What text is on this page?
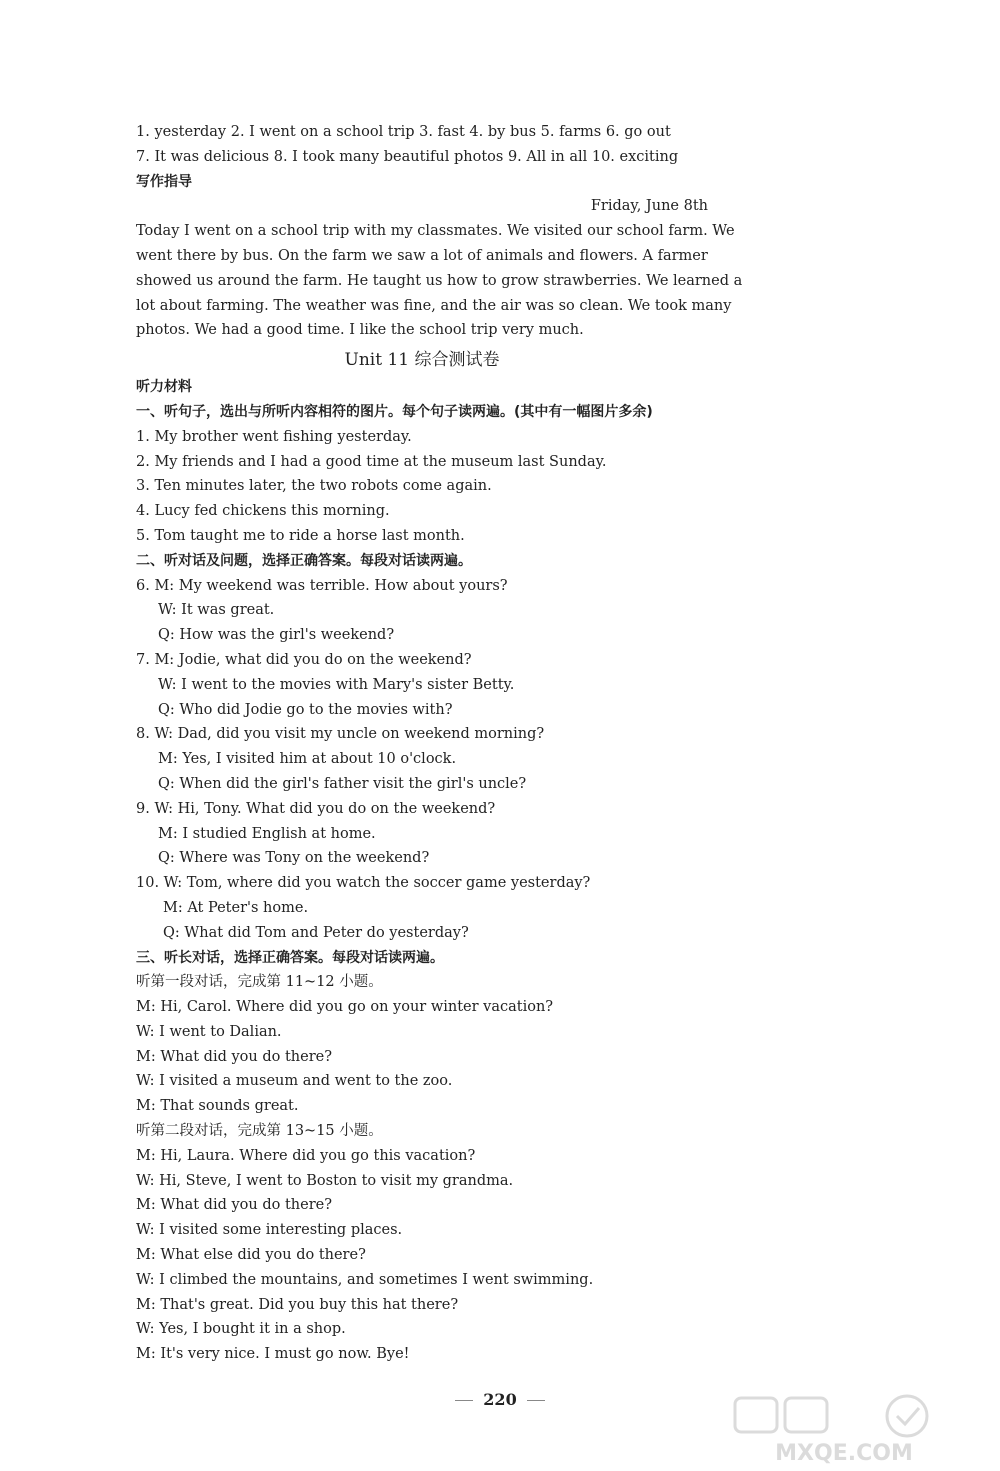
1. yesterday 2. I went on a school trip 3. fast 4. by bus 5. farms 6. go out
7. It was delicious 8. I took many beautiful photos 9. All in all 10. exciting
写作指导
Friday, June 8th
Today I went on a school trip with my classmates. We visited our school farm. We
went there by bus. On the farm we saw a lot of animals and flowers. A farmer
showed us around the farm. He taught us how to grow strawberries. We learned a
lot about farming. The weather was fine, and the air was so clean. We took many
photos. We had a good time. I like the school trip very much.
Unit 11 综合测试卷
听力材料
一、听句子，选出与所听内容相符的图片。每个句子读两遍。(其中有一幅图片多余)
1. My brother went fishing yesterday.
2. My friends and I had a good time at the museum last Sunday.
3. Ten minutes later, the two robots come again.
4. Lucy fed chickens this morning.
5. Tom taught me to ride a horse last month.
二、听对话及问题，选择正确答案。每段对话读两遍。
6. M: My weekend was terrible. How about yours?
W: It was great.
Q: How was the girl's weekend?
7. M: Jodie, what did you do on the weekend?
W: I went to the movies with Mary's sister Betty.
Q: Who did Jodie go to the movies with?
8. W: Dad, did you visit my uncle on weekend morning?
M: Yes, I visited him at about 10 o'clock.
Q: When did the girl's father visit the girl's uncle?
9. W: Hi, Tony. What did you do on the weekend?
M: I studied English at home.
Q: Where was Tony on the weekend?
10. W: Tom, where did you watch the soccer game yesterday?
M: At Peter's home.
Q: What did Tom and Peter do yesterday?
三、听长对话，选择正确答案。每段对话读两遍。
听第一段对话，完成第 11~12 小题。
M: Hi, Carol. Where did you go on your winter vacation?
W: I went to Dalian.
M: What did you do there?
W: I visited a museum and went to the zoo.
M: That sounds great.
听第二段对话，完成第 13~15 小题。
M: Hi, Laura. Where did you go this vacation?
W: Hi, Steve, I went to Boston to visit my grandma.
M: What did you do there?
W: I visited some interesting places.
M: What else did you do there?
W: I climbed the mountains, and sometimes I went swimming.
M: That's great. Did you buy this hat there?
W: Yes, I bought it in a shop.
M: It's very nice. I must go now. Bye!
220
MXQE.COM
